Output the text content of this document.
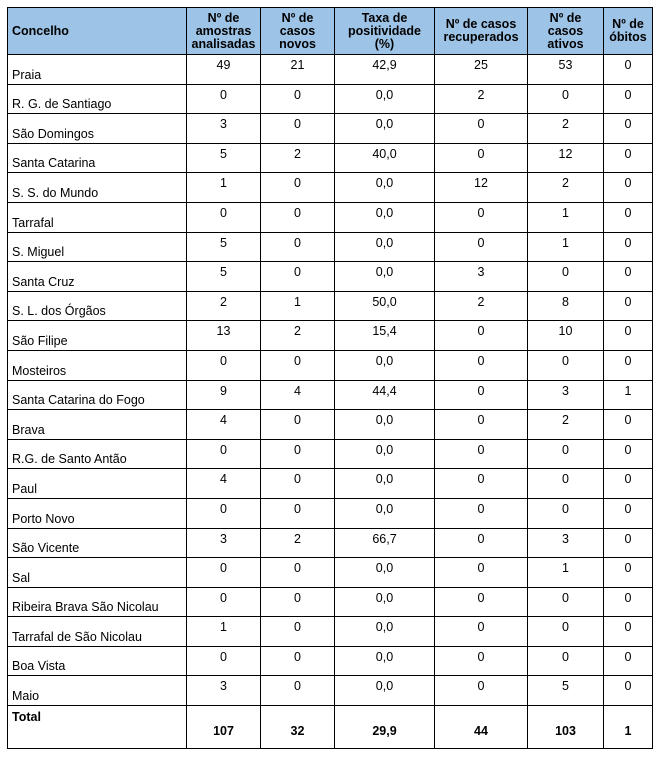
Concelho	Nº de amostras analisadas	Nº de casos novos	Taxa de positividade (%)	Nº de casos recuperados	Nº de casos ativos	Nº de óbitos
Praia	49	21	42,9	25	53	0
R. G. de Santiago	0	0	0,0	2	0	0
São Domingos	3	0	0,0	0	2	0
Santa Catarina	5	2	40,0	0	12	0
S. S. do Mundo	1	0	0,0	12	2	0
Tarrafal	0	0	0,0	0	1	0
S. Miguel	5	0	0,0	0	1	0
Santa Cruz	5	0	0,0	3	0	0
S. L. dos Órgãos	2	1	50,0	2	8	0
São Filipe	13	2	15,4	0	10	0
Mosteiros	0	0	0,0	0	0	0
Santa Catarina do Fogo	9	4	44,4	0	3	1
Brava	4	0	0,0	0	2	0
R.G. de Santo Antão	0	0	0,0	0	0	0
Paul	4	0	0,0	0	0	0
Porto Novo	0	0	0,0	0	0	0
São Vicente	3	2	66,7	0	3	0
Sal	0	0	0,0	0	1	0
Ribeira Brava São Nicolau	0	0	0,0	0	0	0
Tarrafal de São Nicolau	1	0	0,0	0	0	0
Boa Vista	0	0	0,0	0	0	0
Maio	3	0	0,0	0	5	0
Total	107	32	29,9	44	103	1
